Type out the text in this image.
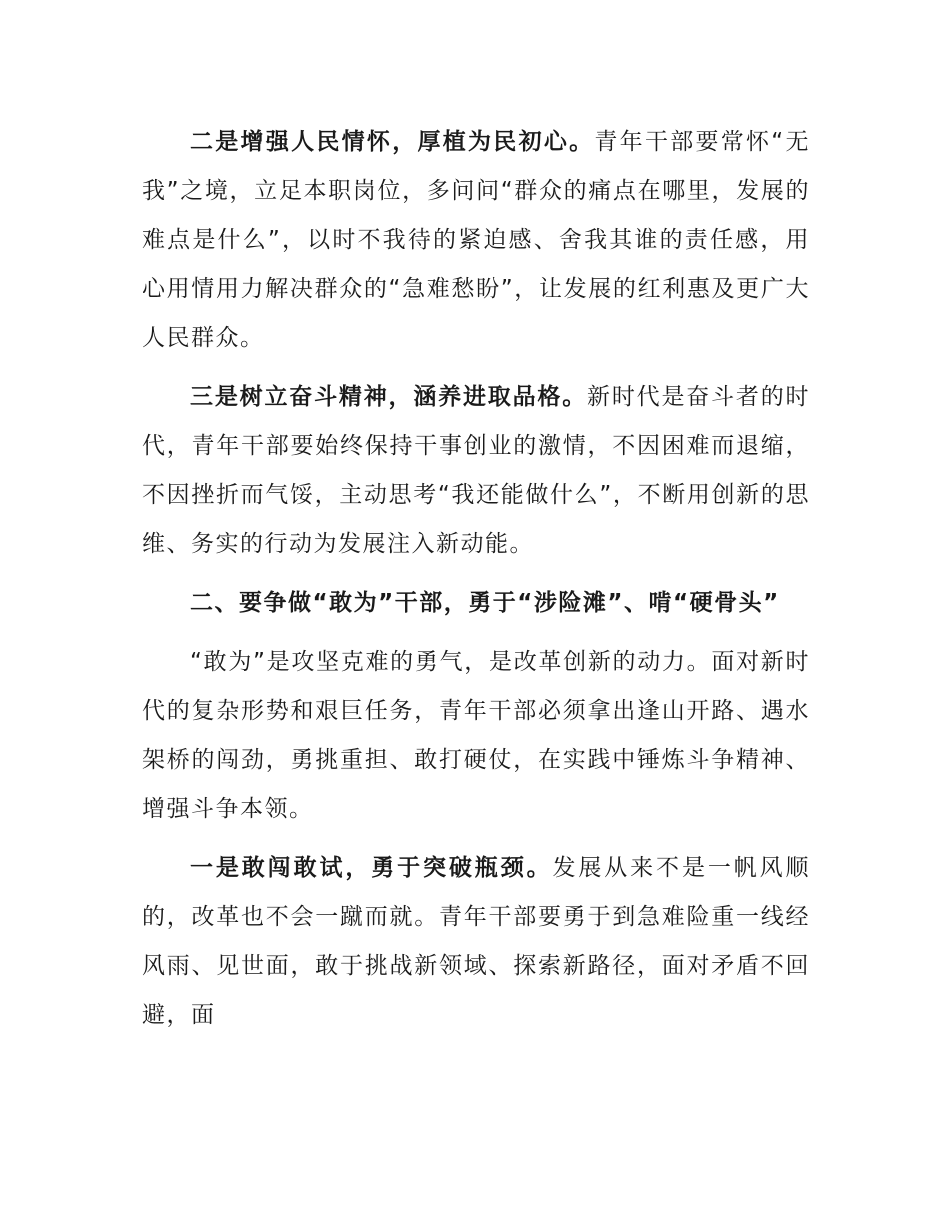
二是增强人民情怀，厚植为民初心。青年干部要常怀“无我”之境，立足本职岗位，多问问“群众的痛点在哪里，发展的难点是什么”，以时不我待的紧迫感、舍我其谁的责任感，用心用情用力解决群众的“急难愁盼”，让发展的红利惠及更广大人民群众。

三是树立奋斗精神，涵养进取品格。新时代是奋斗者的时代，青年干部要始终保持干事创业的激情，不因困难而退缩，不因挫折而气馁，主动思考“我还能做什么”，不断用创新的思维、务实的行动为发展注入新动能。

二、要争做“敢为”干部，勇于“涉险滩”、啃“硬骨头”

“敢为”是攻坚克难的勇气，是改革创新的动力。面对新时代的复杂形势和艰巨任务，青年干部必须拿出逢山开路、遇水架桥的闯劲，勇挑重担、敢打硬仗，在实践中锤炼斗争精神、增强斗争本领。

一是敢闯敢试，勇于突破瓶颈。发展从来不是一帆风顺的，改革也不会一蹴而就。青年干部要勇于到急难险重一线经风雨、见世面，敢于挑战新领域、探索新路径，面对矛盾不回避，面
